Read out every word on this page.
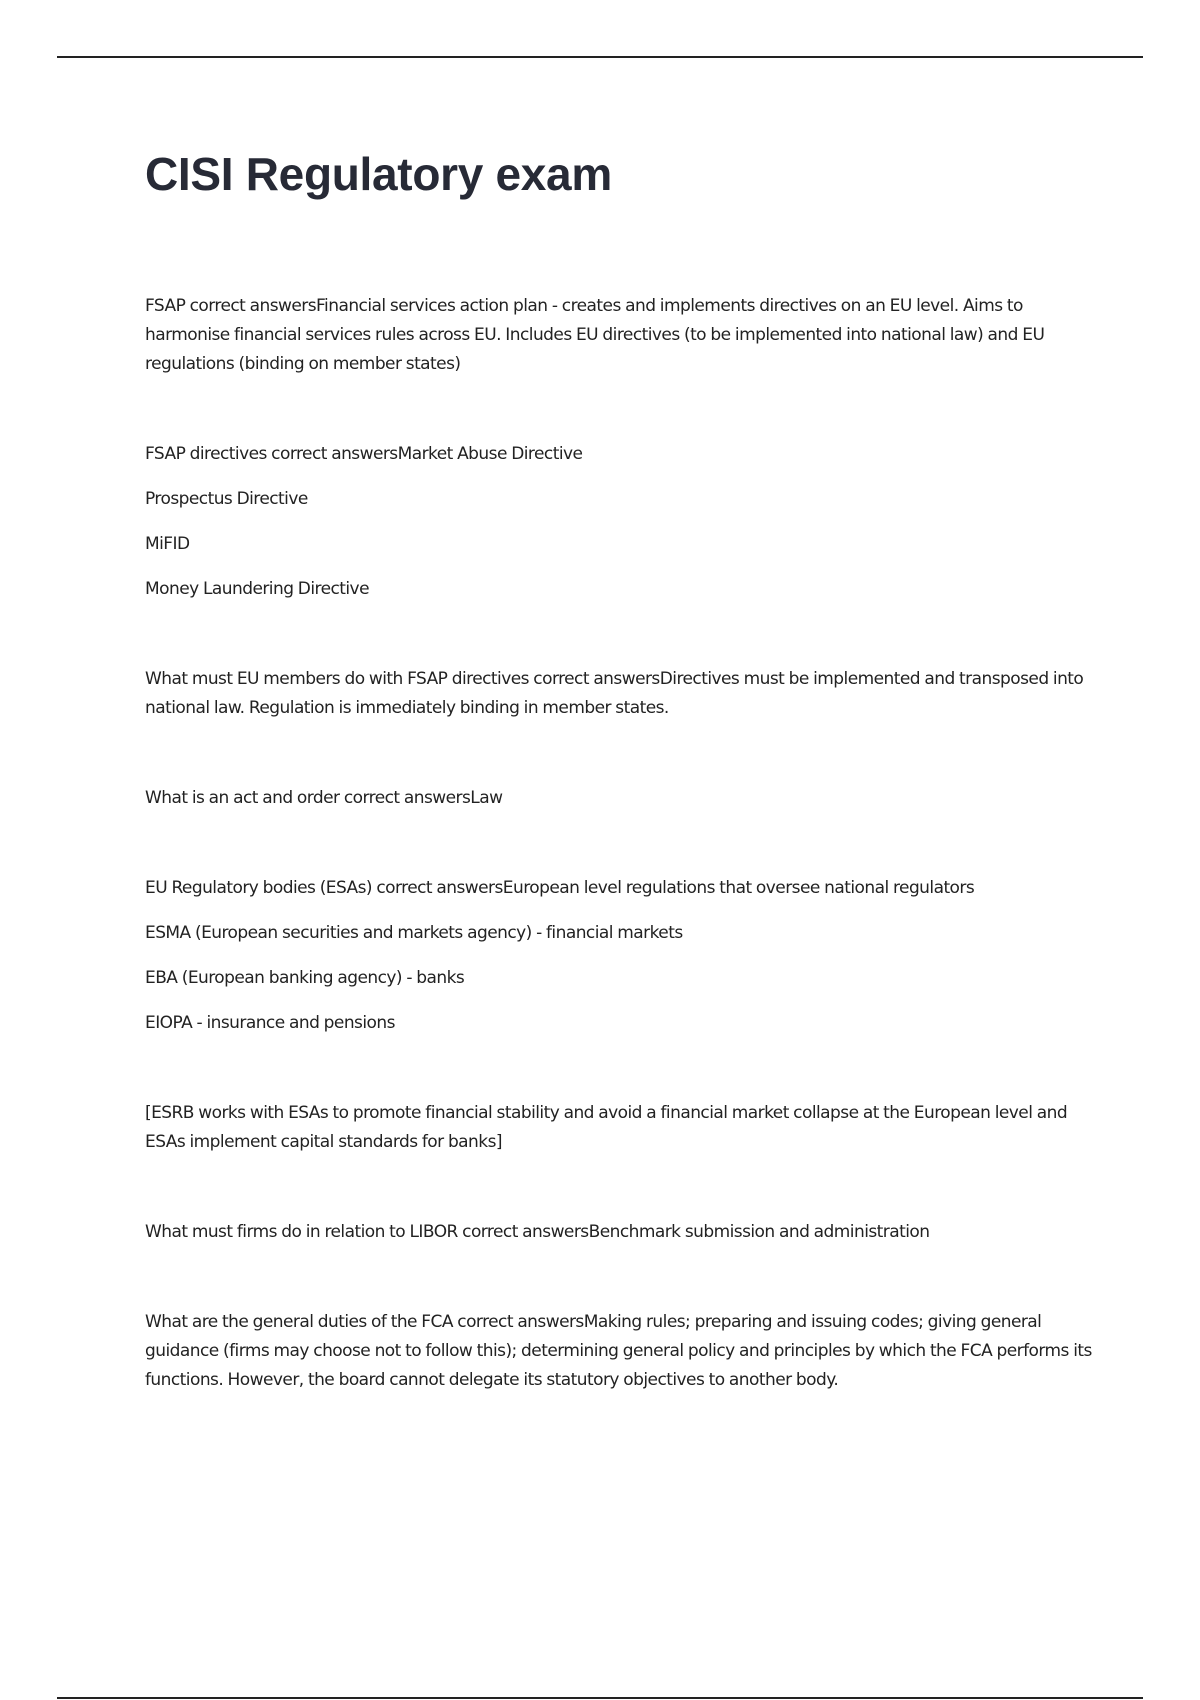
CISI Regulatory exam

FSAP correct answersFinancial services action plan - creates and implements directives on an EU level. Aims to harmonise financial services rules across EU. Includes EU directives (to be implemented into national law) and EU regulations (binding on member states)

FSAP directives correct answersMarket Abuse Directive

Prospectus Directive

MiFID

Money Laundering Directive

What must EU members do with FSAP directives correct answersDirectives must be implemented and transposed into national law. Regulation is immediately binding in member states.

What is an act and order correct answersLaw

EU Regulatory bodies (ESAs) correct answersEuropean level regulations that oversee national regulators

ESMA (European securities and markets agency) - financial markets

EBA (European banking agency) - banks

EIOPA - insurance and pensions

[ESRB works with ESAs to promote financial stability and avoid a financial market collapse at the European level and ESAs implement capital standards for banks]

What must firms do in relation to LIBOR correct answersBenchmark submission and administration

What are the general duties of the FCA correct answersMaking rules; preparing and issuing codes; giving general guidance (firms may choose not to follow this); determining general policy and principles by which the FCA performs its functions. However, the board cannot delegate its statutory objectives to another body.
